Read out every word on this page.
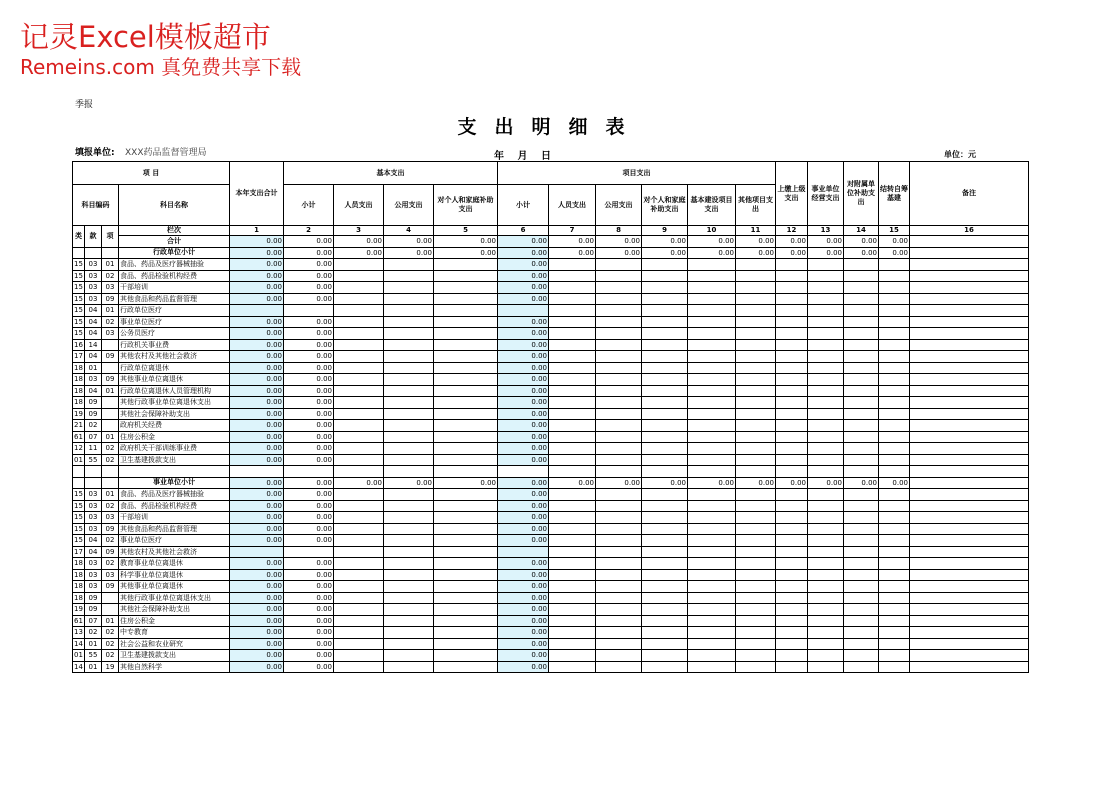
记灵Excel模板超市
Remeins.com 真免费共享下载
季报
支出明细表
填报单位: XXX药品监督管理局	年 月 日	单位：元
项 目				本年支出合计	基本支出				项目支出						上缴上级支出	事业单位经营支出	对附属单位补助支出	结转自筹基建	备注
科目编码			科目名称		小计	人员支出	公用支出	对个人和家庭补助支出	小计	人员支出	公用支出	对个人和家庭补助支出	基本建设项目支出	其他项目支出					
类	款	项	栏次	1	2	3	4	5	6	7	8	9	10	11	12	13	14	15	16
			合计	0.00	0.00	0.00	0.00	0.00	0.00	0.00	0.00	0.00	0.00	0.00	0.00	0.00	0.00	0.00	
			行政单位小计	0.00	0.00	0.00	0.00	0.00	0.00	0.00	0.00	0.00	0.00	0.00	0.00	0.00	0.00	0.00	
15	03	01	食品、药品及医疗器械抽验	0.00	0.00				0.00										
15	03	02	食品、药品检验机构经费	0.00	0.00				0.00										
15	03	03	干部培训	0.00	0.00				0.00										
15	03	09	其他食品和药品监督管理	0.00	0.00				0.00										
15	04	01	行政单位医疗																
15	04	02	事业单位医疗	0.00	0.00				0.00										
15	04	03	公务员医疗	0.00	0.00				0.00										
16	14		行政机关事业费	0.00	0.00				0.00										
17	04	09	其他农村及其他社会救济	0.00	0.00				0.00										
18	01		行政单位离退休	0.00	0.00				0.00										
18	03	09	其他事业单位离退休	0.00	0.00				0.00										
18	04	01	行政单位离退休人员管理机构	0.00	0.00				0.00										
18	09		其他行政事业单位离退休支出	0.00	0.00				0.00										
19	09		其他社会保障补助支出	0.00	0.00				0.00										
21	02		政府机关经费	0.00	0.00				0.00										
61	07	01	住房公积金	0.00	0.00				0.00										
12	11	02	政府机关干部训练事业费	0.00	0.00				0.00										
01	55	02	卫生基建拨款支出	0.00	0.00				0.00										

			事业单位小计	0.00	0.00	0.00	0.00	0.00	0.00	0.00	0.00	0.00	0.00	0.00	0.00	0.00	0.00	0.00	
15	03	01	食品、药品及医疗器械抽验	0.00	0.00				0.00										
15	03	02	食品、药品检验机构经费	0.00	0.00				0.00										
15	03	03	干部培训	0.00	0.00				0.00										
15	03	09	其他食品和药品监督管理	0.00	0.00				0.00										
15	04	02	事业单位医疗	0.00	0.00				0.00										
17	04	09	其他农村及其他社会救济																
18	03	02	教育事业单位离退休	0.00	0.00				0.00										
18	03	03	科学事业单位离退休	0.00	0.00				0.00										
18	03	09	其他事业单位离退休	0.00	0.00				0.00										
18	09		其他行政事业单位离退休支出	0.00	0.00				0.00										
19	09		其他社会保障补助支出	0.00	0.00				0.00										
61	07	01	住房公积金	0.00	0.00				0.00										
13	02	02	中专教育	0.00	0.00				0.00										
14	01	02	社会公益和农业研究	0.00	0.00				0.00										
01	55	02	卫生基建拨款支出	0.00	0.00				0.00										
14	01	19	其他自然科学	0.00	0.00				0.00										
